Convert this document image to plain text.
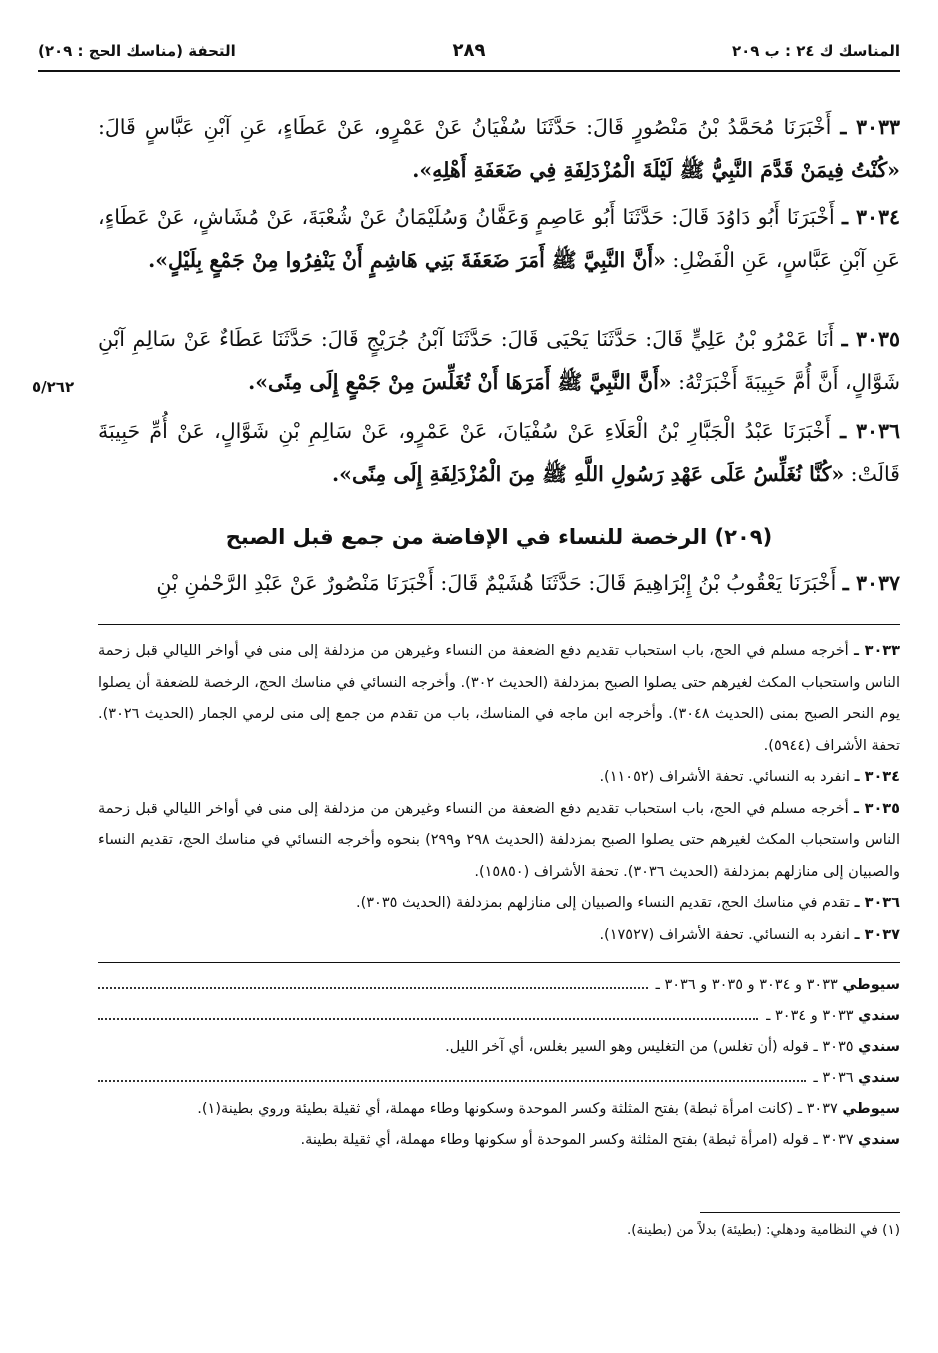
المناسك ك ٢٤ : ب ٢٠٩
٢٨٩
التحفة (مناسك الحج : ٢٠٩)
٥/٢٦٢
٣٠٣٣ ـ أَخْبَرَنَا مُحَمَّدُ بْنُ مَنْصُورٍ قَالَ: حَدَّثَنَا سُفْيَانُ عَنْ عَمْرٍو، عَنْ عَطَاءٍ، عَنِ آبْنِ عَبَّاسٍ قَالَ: «كُنْتُ فِيمَنْ قَدَّمَ النَّبِيُّ ﷺ لَيْلَةَ الْمُزْدَلِفَةِ فِي ضَعَفَةِ أَهْلِهِ».
٣٠٣٤ ـ أَخْبَرَنَا أَبُو دَاوُدَ قَالَ: حَدَّثَنَا أَبُو عَاصِمٍ وَعَفَّانُ وَسُلَيْمَانُ عَنْ شُعْبَةَ، عَنْ مُشَاشٍ، عَنْ عَطَاءٍ، عَنِ آبْنِ عَبَّاسٍ، عَنِ الْفَضْلِ: «أَنَّ النَّبِيَّ ﷺ أَمَرَ ضَعَفَةَ بَنِي هَاشِمٍ أَنْ يَنْفِرُوا مِنْ جَمْعٍ بِلَيْلٍ».
٣٠٣٥ ـ أَنَا عَمْرُو بْنُ عَلِيٍّ قَالَ: حَدَّثَنَا يَحْيَى قَالَ: حَدَّثَنَا آبْنُ جُرَيْجٍ قَالَ: حَدَّثَنَا عَطَاءٌ عَنْ سَالِمِ آبْنِ شَوَّالٍ، أَنَّ أُمَّ حَبِيبَةَ أَخْبَرَتْهُ: «أَنَّ النَّبِيَّ ﷺ أَمَرَهَا أَنْ تُغَلِّسَ مِنْ جَمْعٍ إِلَى مِنًى».
٣٠٣٦ ـ أَخْبَرَنَا عَبْدُ الْجَبَّارِ بْنُ الْعَلَاءِ عَنْ سُفْيَانَ، عَنْ عَمْرٍو، عَنْ سَالِمِ بْنِ شَوَّالٍ، عَنْ أُمِّ حَبِيبَةَ قَالَتْ: «كُنَّا نُغَلِّسُ عَلَى عَهْدِ رَسُولِ اللَّهِ ﷺ مِنَ الْمُزْدَلِفَةِ إِلَى مِنًى».
(٢٠٩) الرخصة للنساء في الإفاضة من جمع قبل الصبح
٣٠٣٧ ـ أَخْبَرَنَا يَعْقُوبُ بْنُ إِبْرَاهِيمَ قَالَ: حَدَّثَنَا هُشَيْمٌ قَالَ: أَخْبَرَنَا مَنْصُورٌ عَنْ عَبْدِ الرَّحْمٰنِ بْنِ

٣٠٣٣ ـ أخرجه مسلم في الحج، باب استحباب تقديم دفع الضعفة من النساء وغيرهن من مزدلفة إلى منى في أواخر الليالي قبل زحمة الناس واستحباب المكث لغيرهم حتى يصلوا الصبح بمزدلفة (الحديث ٣٠٢). وأخرجه النسائي في مناسك الحج، الرخصة للضعفة أن يصلوا يوم النحر الصبح بمنى (الحديث ٣٠٤٨). وأخرجه ابن ماجه في المناسك، باب من تقدم من جمع إلى منى لرمي الجمار (الحديث ٣٠٢٦). تحفة الأشراف (٥٩٤٤).

٣٠٣٤ ـ انفرد به النسائي. تحفة الأشراف (١١٠٥٢).

٣٠٣٥ ـ أخرجه مسلم في الحج، باب استحباب تقديم دفع الضعفة من النساء وغيرهن من مزدلفة إلى منى في أواخر الليالي قبل زحمة الناس واستحباب المكث لغيرهم حتى يصلوا الصبح بمزدلفة (الحديث ٢٩٨ و٢٩٩) بنحوه وأخرجه النسائي في مناسك الحج، تقديم النساء والصبيان إلى منازلهم بمزدلفة (الحديث ٣٠٣٦). تحفة الأشراف (١٥٨٥٠).

٣٠٣٦ ـ تقدم في مناسك الحج، تقديم النساء والصبيان إلى منازلهم بمزدلفة (الحديث ٣٠٣٥).

٣٠٣٧ ـ انفرد به النسائي. تحفة الأشراف (١٧٥٢٧).

سيوطي ٣٠٣٣ و ٣٠٣٤ و ٣٠٣٥ و ٣٠٣٦ ـ
سندي ٣٠٣٣ و ٣٠٣٤ ـ
سندي ٣٠٣٥ ـ قوله (أن تغلس) من التغليس وهو السير بغلس، أي آخر الليل.
سندي ٣٠٣٦ ـ
سيوطي ٣٠٣٧ ـ (كانت امرأة ثبطة) بفتح المثلثة وكسر الموحدة وسكونها وطاء مهملة، أي ثقيلة بطيئة وروي بطينة(١).
سندي ٣٠٣٧ ـ قوله (امرأة ثبطة) بفتح المثلثة وكسر الموحدة أو سكونها وطاء مهملة، أي ثقيلة بطينة.
(١) في النظامية ودهلي: (بطيئة) بدلاً من (بطينة).
